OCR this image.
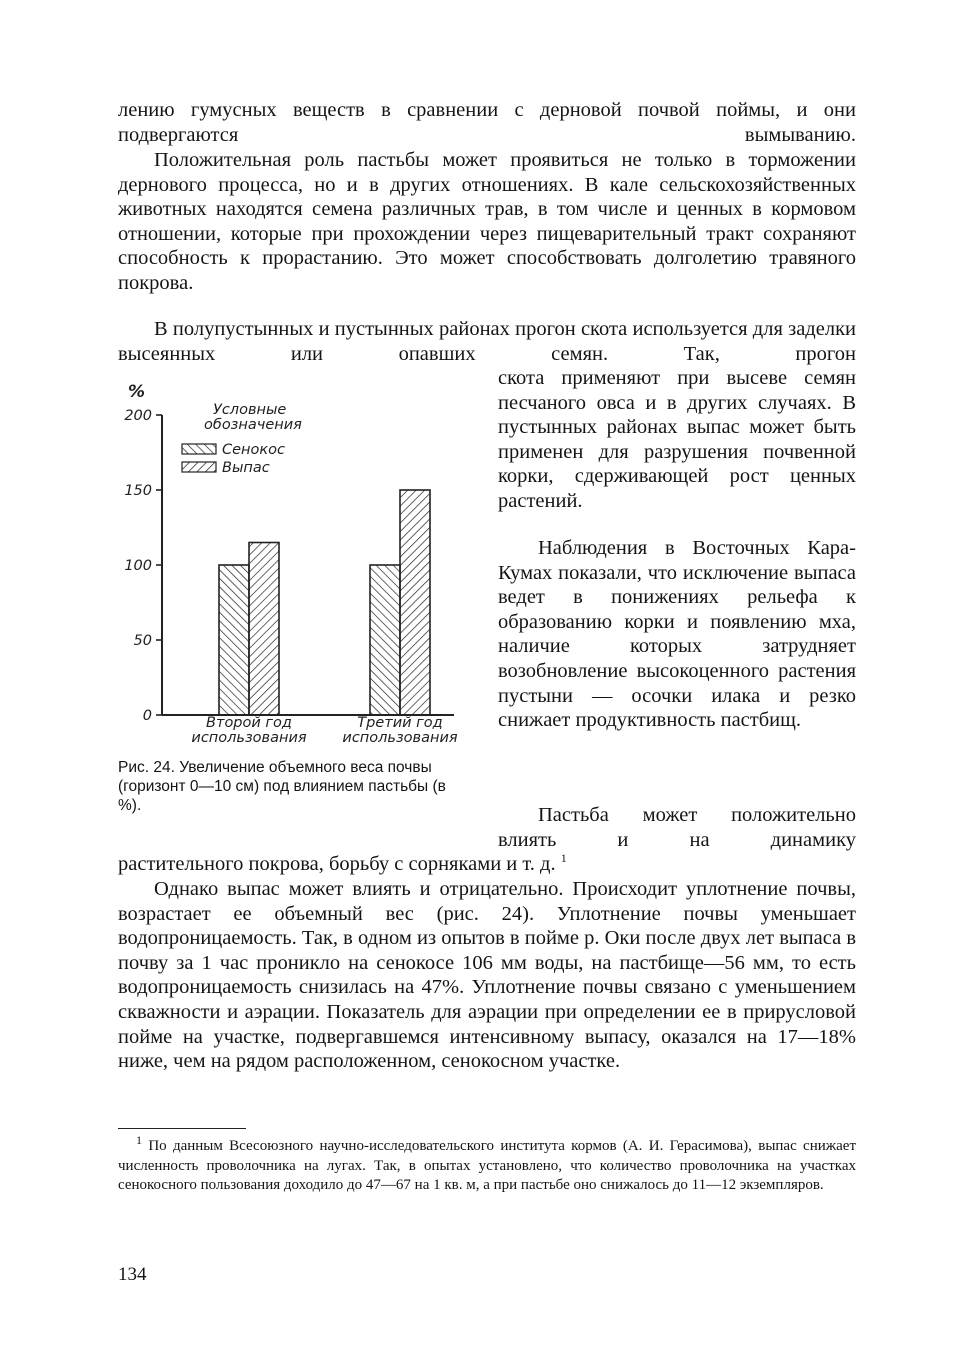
лению гумусных веществ в сравнении с дерновой почвой поймы, и они подвергаются вымыванию.
Положительная роль пастьбы может проявиться не только в торможении дернового процесса, но и в других отношениях. В кале сельскохозяйственных животных находятся семена различных трав, в том числе и ценных в кормовом отношении, которые при прохождении через пищеварительный тракт сохраняют способность к прорастанию. Это может способствовать долголетию травяного покрова.
В полупустынных и пустынных районах прогон скота используется для заделки высеянных или опавших семян. Так, прогон
скота применяют при высеве семян песчаного овса и в других случаях. В пустынных районах выпас может быть применен для разрушения почвенной корки, сдерживающей рост ценных растений.
Наблюдения в Восточных Кара-Кумах показали, что исключение выпаса ведет в понижениях рельефа к образованию корки и появлению мха, наличие которых затрудняет возобновление высокоценного растения пустыни — осочки илака и резко снижает продуктивность пастбищ.
Пастьба может положительно влиять и на динамику
растительного покрова, борьбу с сорняками и т. д. $^1$
Однако выпас может влиять и отрицательно. Происходит уплотнение почвы, возрастает ее объемный вес (рис. 24). Уплотнение почвы уменьшает водопроницаемость. Так, в одном из опытов в пойме р. Оки после двух лет выпаса в почву за 1 час проникло на сенокосе 106 мм воды, на пастбище—56 мм, то есть водопроницаемость снизилась на 47%. Уплотнение почвы связано с уменьшением скважности и аэрации. Показатель для аэрации при определении ее в прирусловой пойме на участке, подвергавшемся интенсивному выпасу, оказался на 17—18% ниже, чем на рядом расположенном, сенокосном участке.
%
0
50
100
150
200
Второй год
использования
Третий год
использования
Условные обозначения
Сенокос
Выпас
Рис. 24. Увеличение объемного веса почвы (горизонт 0—10 см) под влиянием пастьбы (в %).
$^1$ По данным Всесоюзного научно-исследовательского института кормов (А. И. Герасимова), выпас снижает численность проволочника на лугах. Так, в опытах установлено, что количество проволочника на участках сенокосного пользования доходило до 47—67 на 1 кв. м, а при пастьбе оно снижалось до 11—12 экземпляров.
134
